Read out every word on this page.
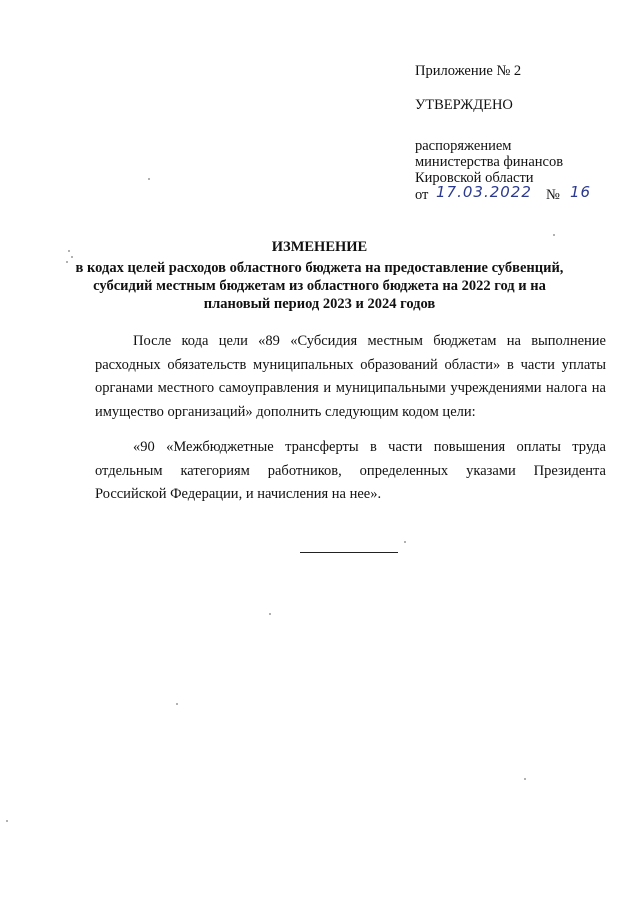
Приложение № 2
УТВЕРЖДЕНО
распоряжением
министерства финансов
Кировской области
от 17.03.2022 № 16
ИЗМЕНЕНИЕ
в кодах целей расходов областного бюджета на предоставление субвенций,
субсидий местным бюджетам из областного бюджета на 2022 год и на
плановый период 2023 и 2024 годов
После кода цели «89 «Субсидия местным бюджетам на выполнение расходных обязательств муниципальных образований области» в части уплаты органами местного самоуправления и муниципальными учреждениями налога на имущество организаций» дополнить следующим кодом цели:
«90 «Межбюджетные трансферты в части повышения оплаты труда отдельным категориям работников, определенных указами Президента Российской Федерации, и начисления на нее».
